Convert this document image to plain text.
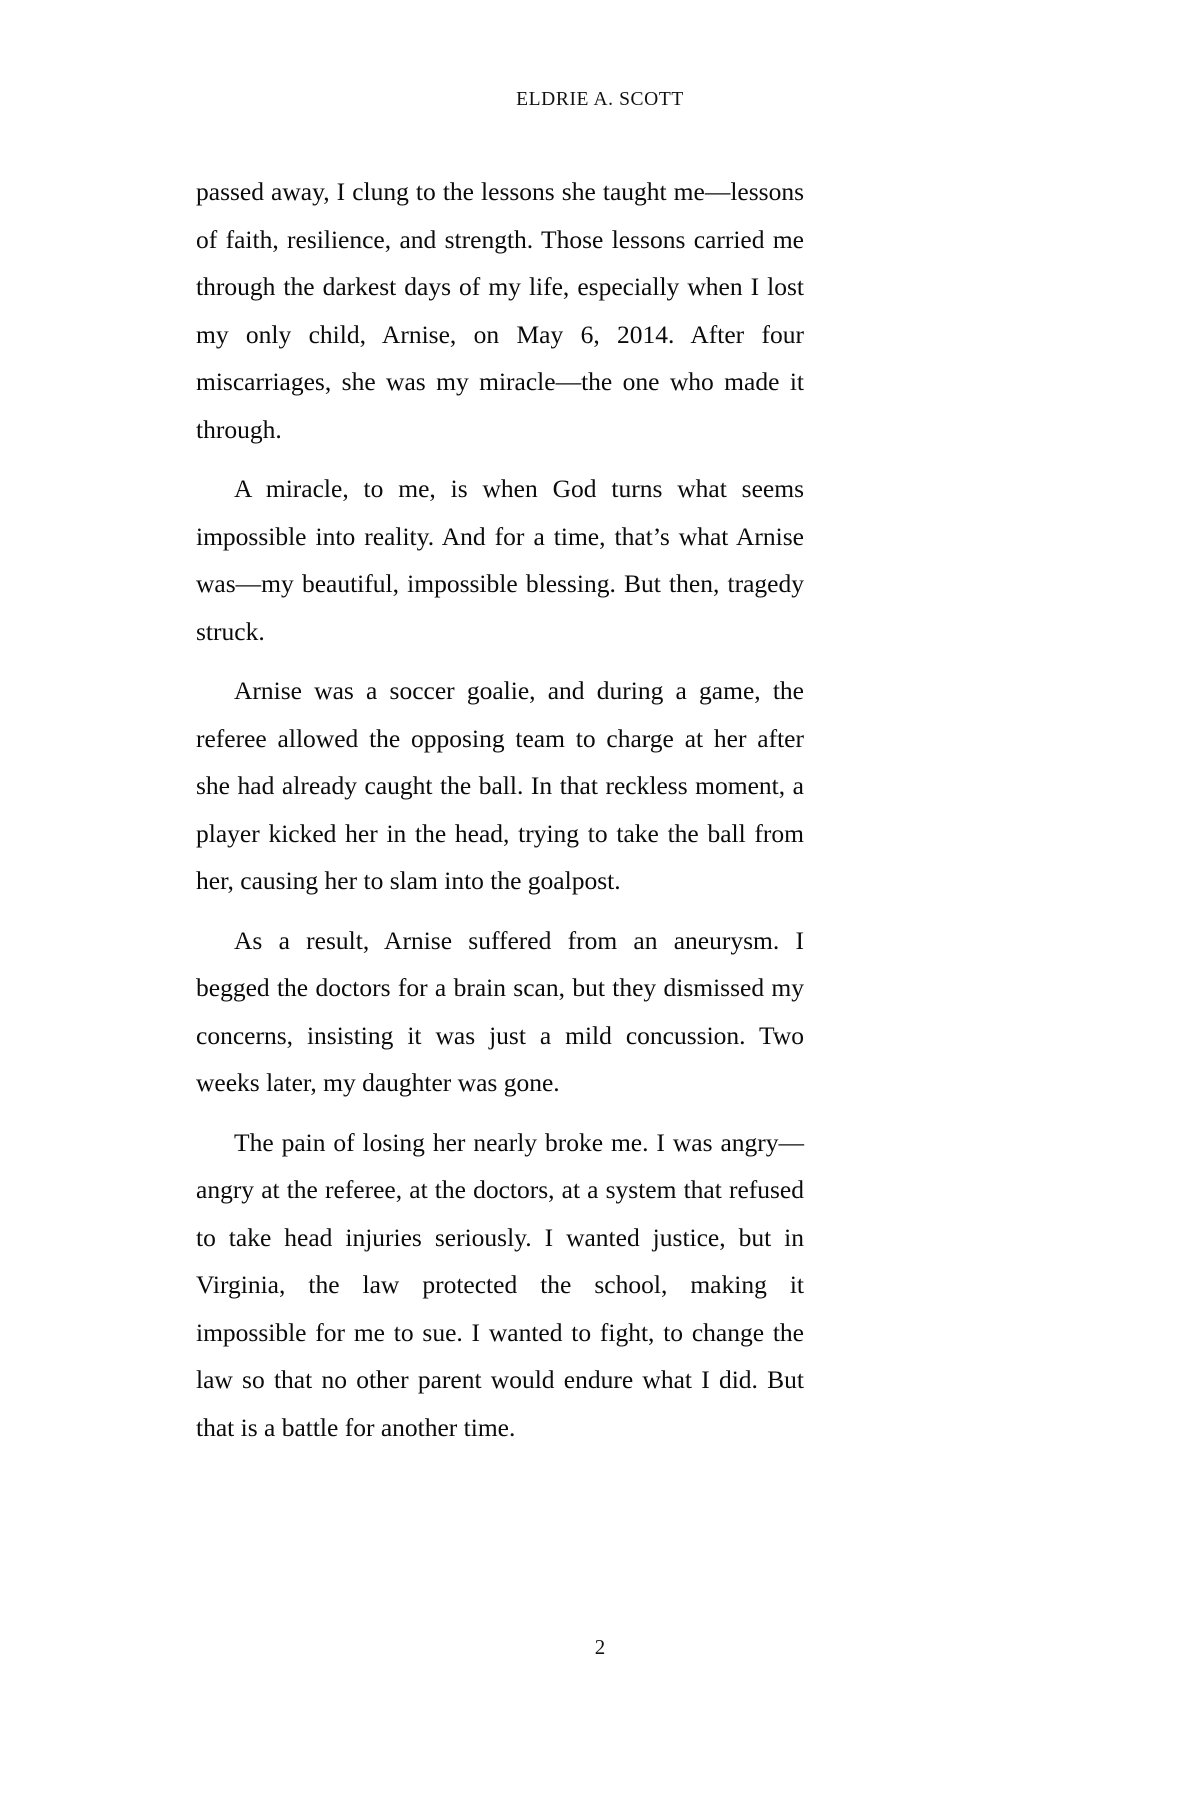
ELDRIE A. SCOTT

passed away, I clung to the lessons she taught me—lessons of faith, resilience, and strength. Those lessons carried me through the darkest days of my life, especially when I lost my only child, Arnise, on May 6, 2014. After four miscarriages, she was my miracle—the one who made it through.

A miracle, to me, is when God turns what seems impossible into reality. And for a time, that’s what Arnise was—my beautiful, impossible blessing. But then, tragedy struck.

Arnise was a soccer goalie, and during a game, the referee allowed the opposing team to charge at her after she had already caught the ball. In that reckless moment, a player kicked her in the head, trying to take the ball from her, causing her to slam into the goalpost.

As a result, Arnise suffered from an aneurysm. I begged the doctors for a brain scan, but they dismissed my concerns, insisting it was just a mild concussion. Two weeks later, my daughter was gone.

The pain of losing her nearly broke me. I was angry—angry at the referee, at the doctors, at a system that refused to take head injuries seriously. I wanted justice, but in Virginia, the law protected the school, making it impossible for me to sue. I wanted to fight, to change the law so that no other parent would endure what I did. But that is a battle for another time.

2
